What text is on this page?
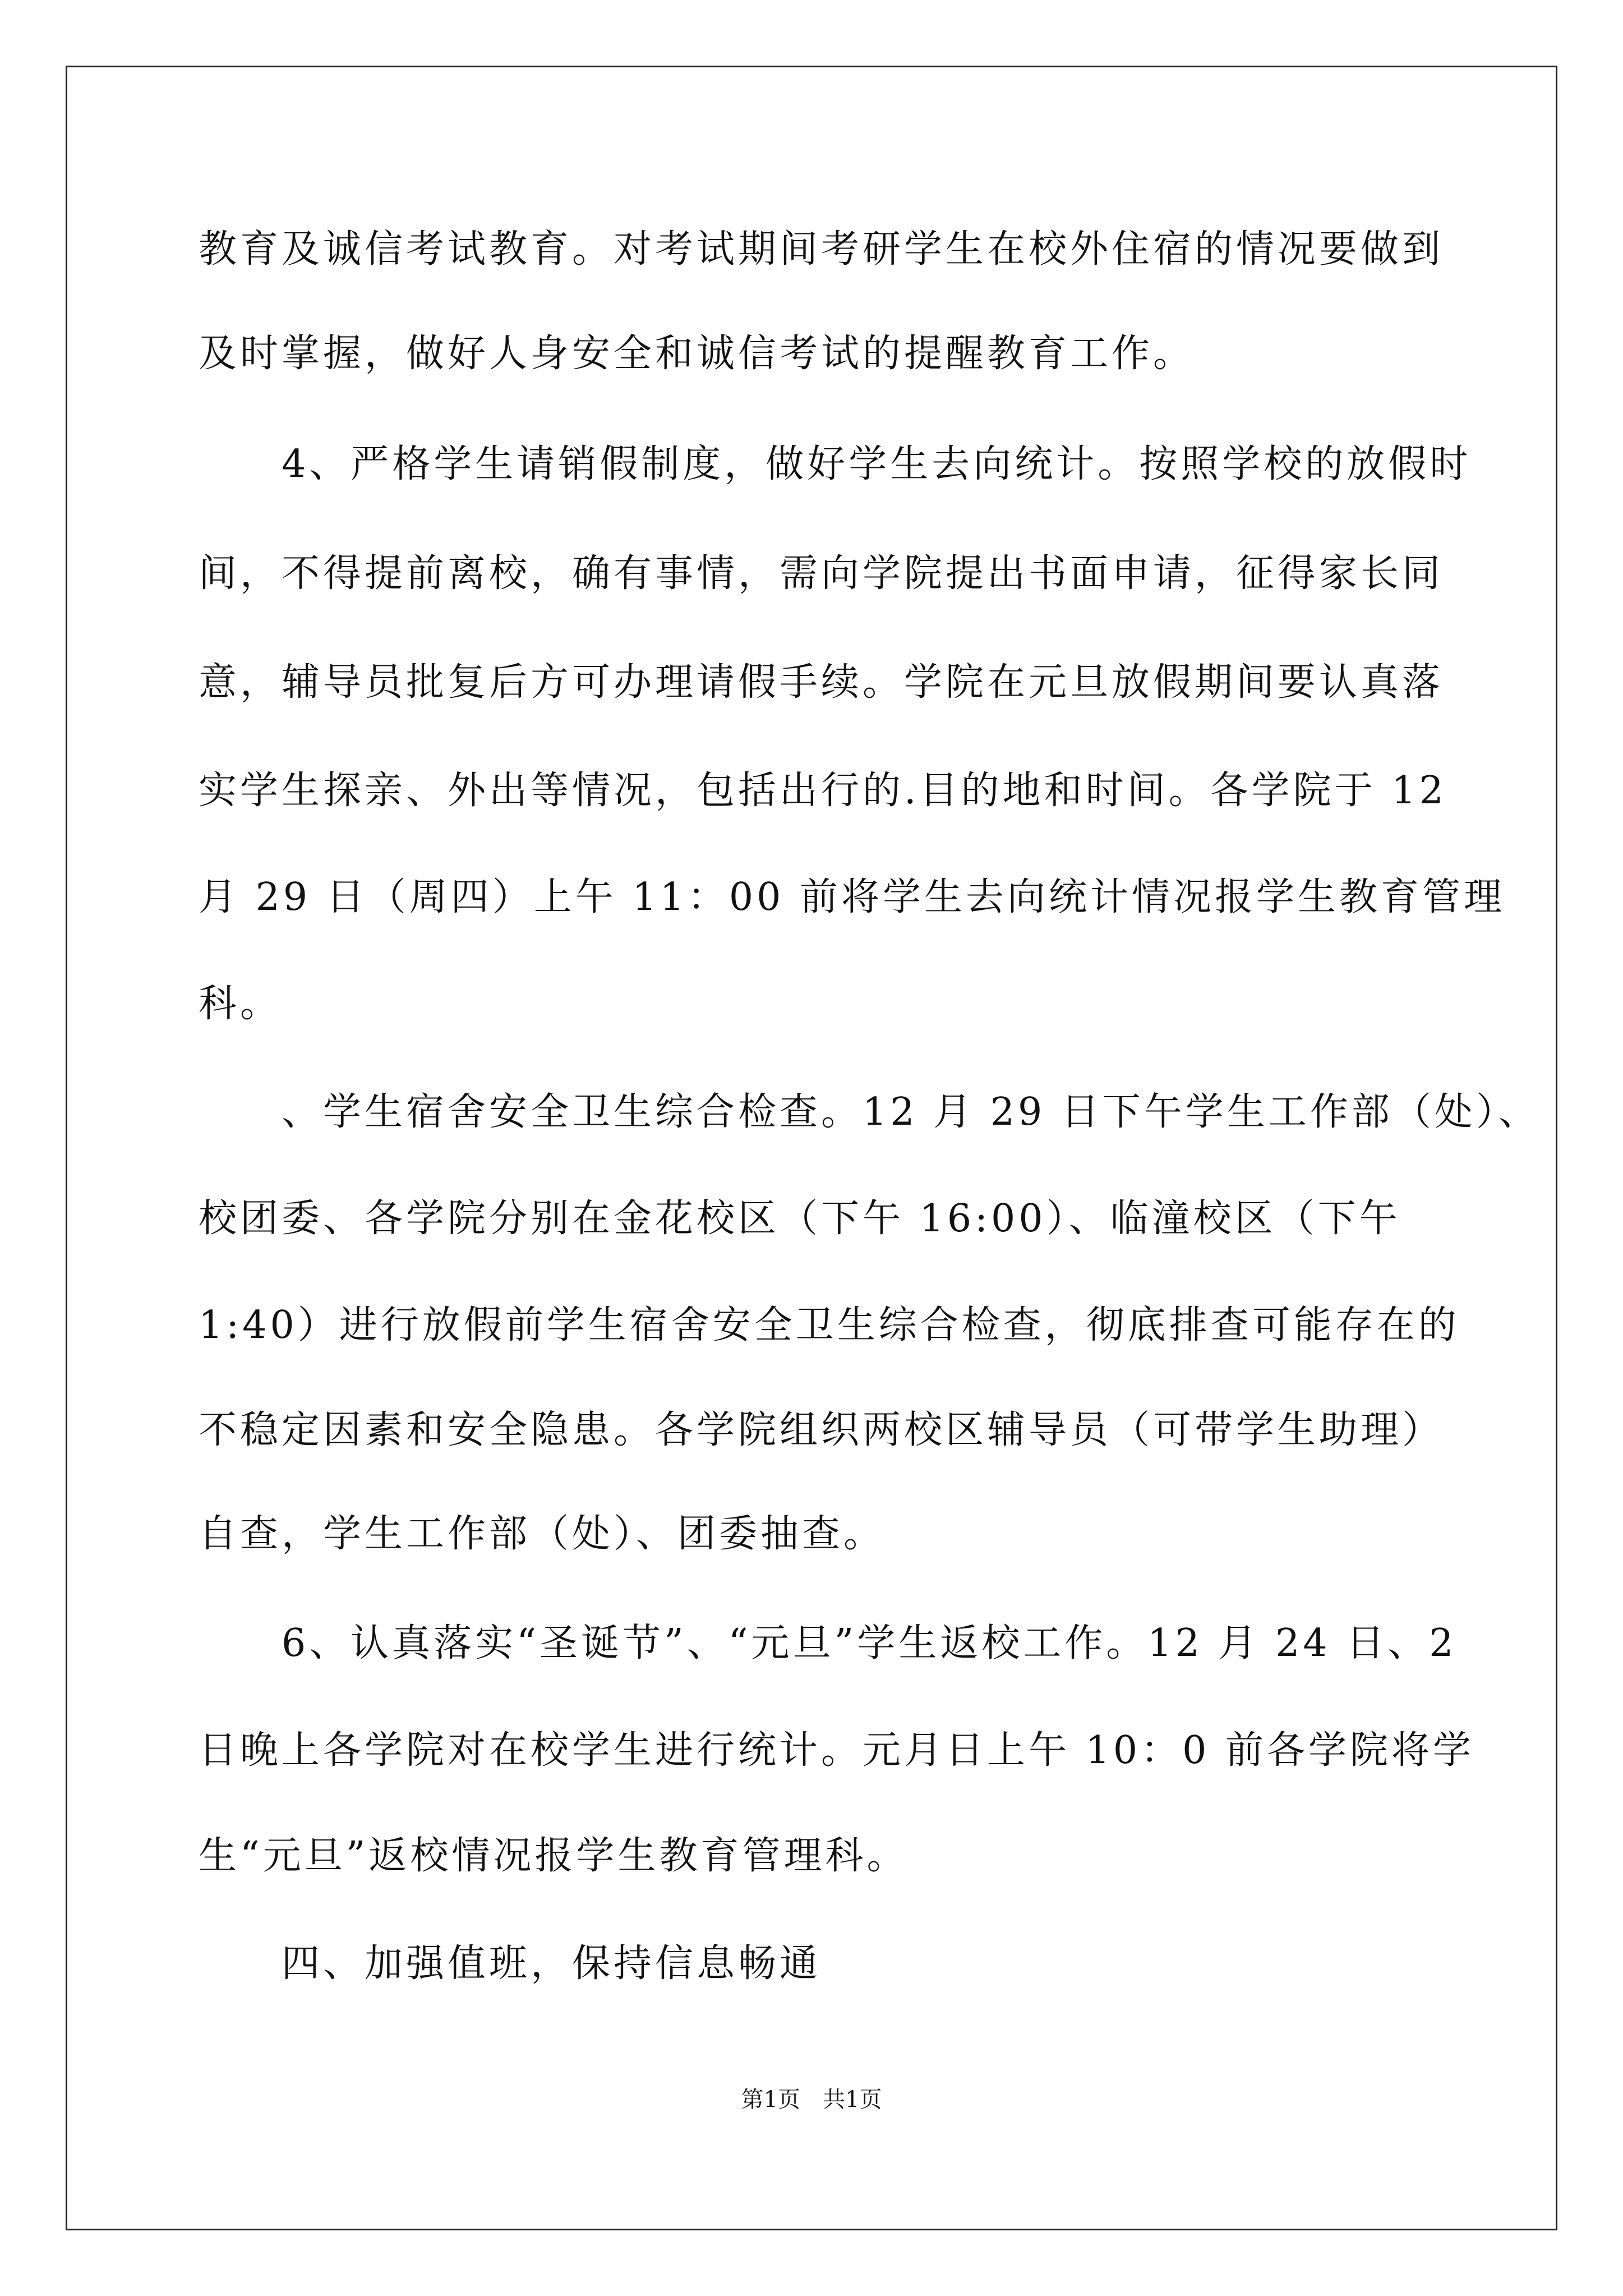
教育及诚信考试教育。对考试期间考研学生在校外住宿的情况要做到
及时掌握，做好人身安全和诚信考试的提醒教育工作。
　　4、严格学生请销假制度，做好学生去向统计。按照学校的放假时
间，不得提前离校，确有事情，需向学院提出书面申请，征得家长同
意，辅导员批复后方可办理请假手续。学院在元旦放假期间要认真落
实学生探亲、外出等情况，包括出行的.目的地和时间。各学院于 12
月 29 日（周四）上午 11：00 前将学生去向统计情况报学生教育管理
科。
　　、学生宿舍安全卫生综合检查。12 月 29 日下午学生工作部（处）、
校团委、各学院分别在金花校区（下午 16:00）、临潼校区（下午
1:40）进行放假前学生宿舍安全卫生综合检查，彻底排查可能存在的
不稳定因素和安全隐患。各学院组织两校区辅导员（可带学生助理）
自查，学生工作部（处）、团委抽查。
　　6、认真落实“圣诞节”、“元旦”学生返校工作。12 月 24 日、2
日晚上各学院对在校学生进行统计。元月日上午 10：0 前各学院将学
生“元旦”返校情况报学生教育管理科。
　　四、加强值班，保持信息畅通
第1页　共1页
